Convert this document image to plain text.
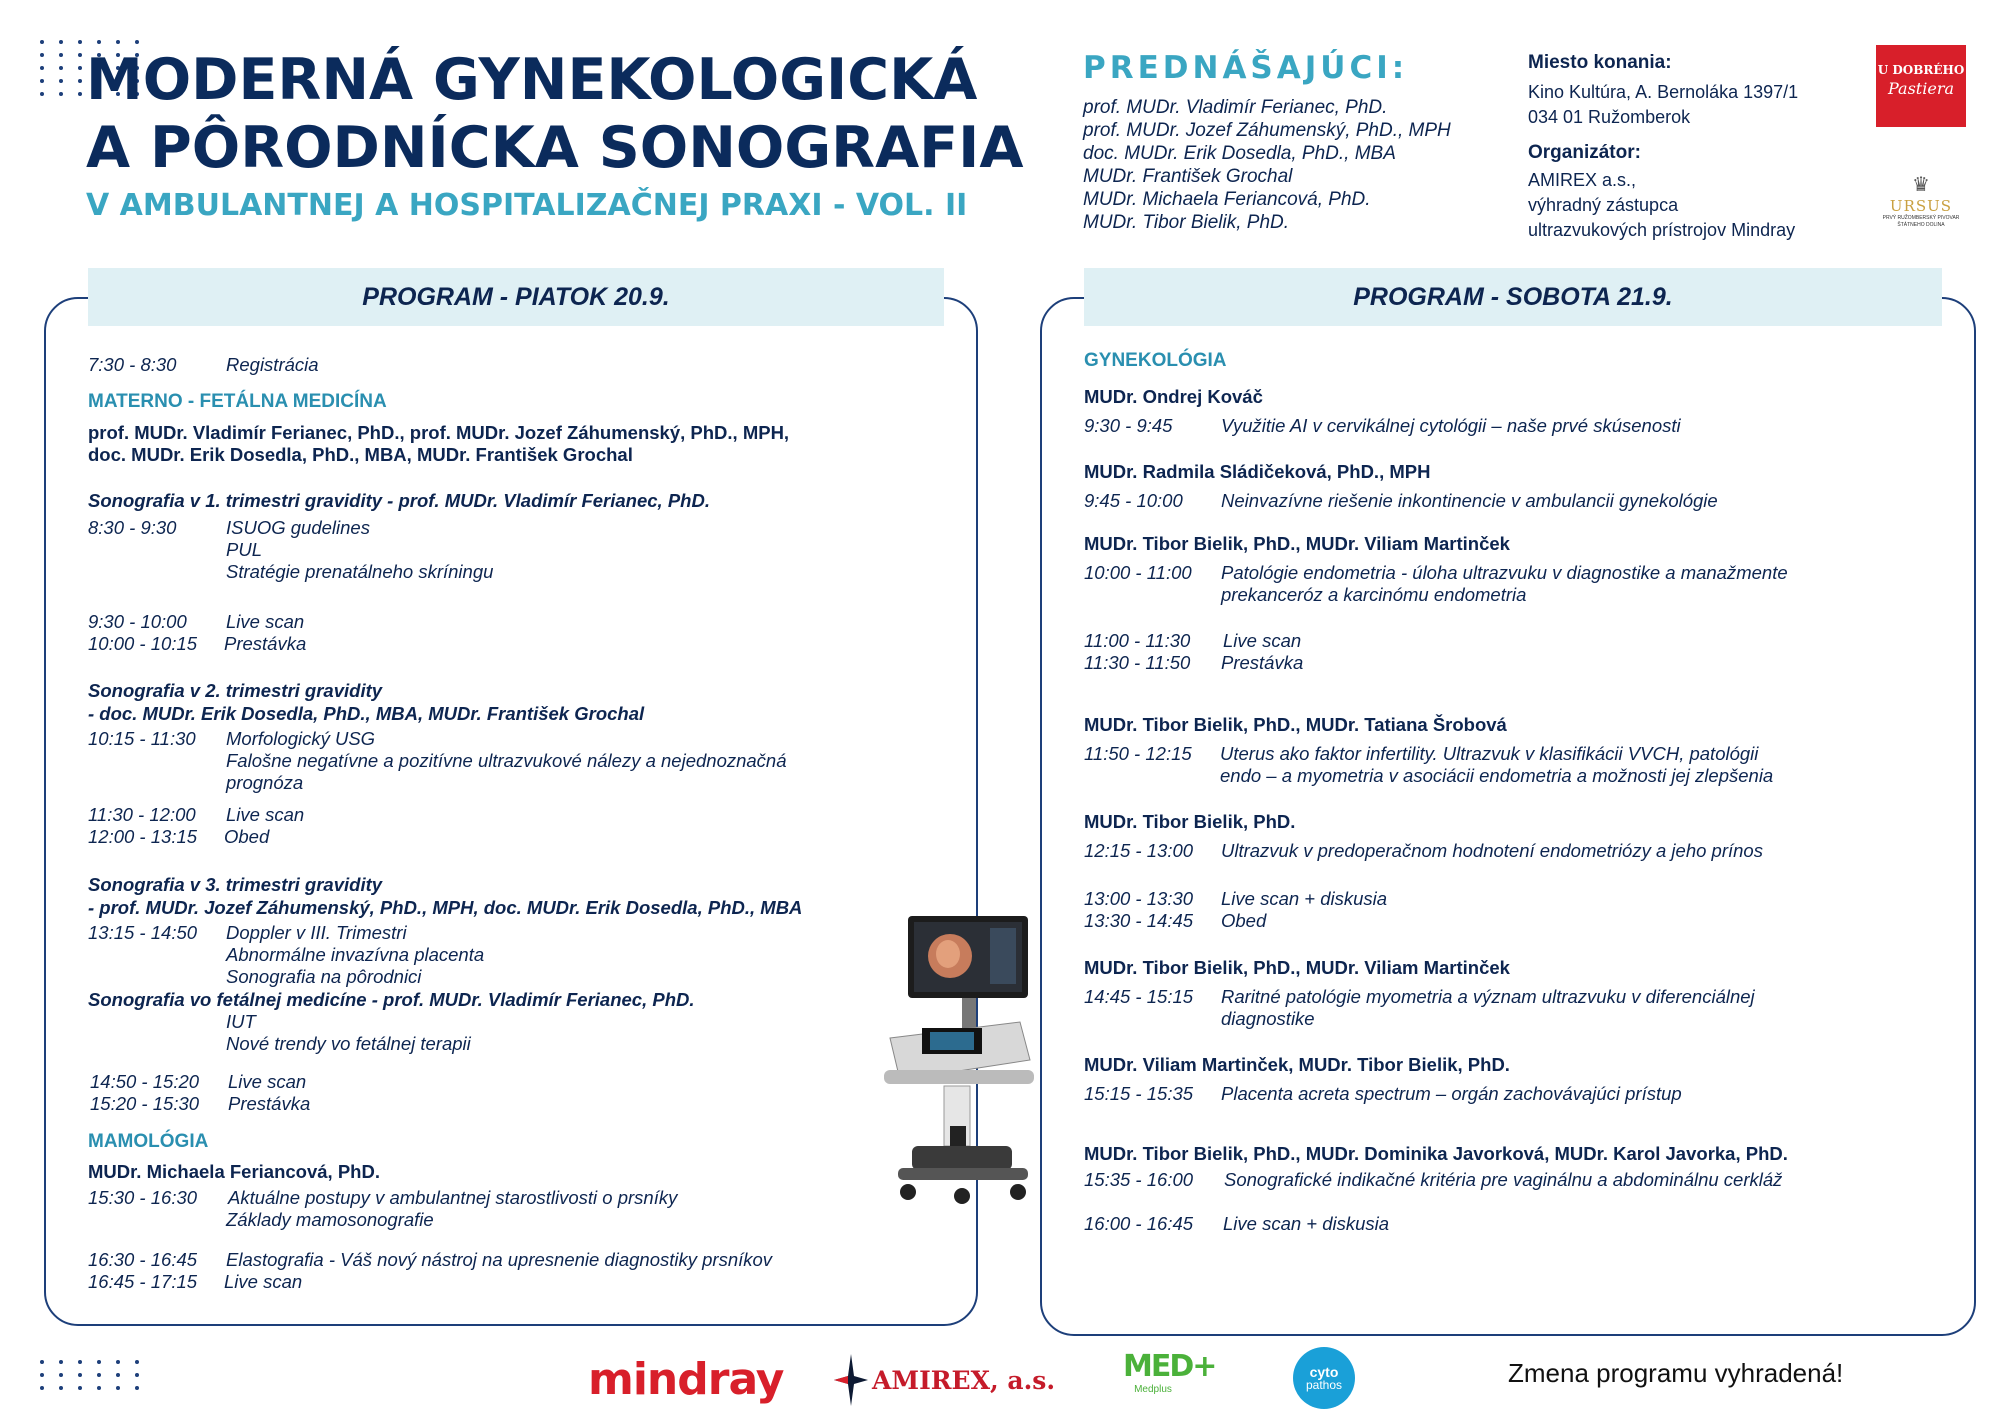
MODERNÁ GYNEKOLOGICKÁ
A PÔRODNÍCKA SONOGRAFIA
V AMBULANTNEJ A HOSPITALIZAČNEJ PRAXI - VOL. II
PREDNÁŠAJÚCI:
prof. MUDr. Vladimír Ferianec, PhD.
prof. MUDr. Jozef Záhumenský, PhD., MPH
doc. MUDr. Erik Dosedla, PhD., MBA
MUDr. František Grochal
MUDr. Michaela Feriancová, PhD.
MUDr. Tibor Bielik, PhD.
Miesto konania:
Kino Kultúra, A. Bernoláka 1397/1
034 01 Ružomberok
Organizátor:
AMIREX a.s.,
výhradný zástupca
ultrazvukových prístrojov Mindray
U DOBRÉHO
Pastiera
♛
URSUS
PRVÝ RUŽOMBERSKÝ PIVOVAR ŠTÁTNEHO DOLINA
PROGRAM - PIATOK 20.9.
7:30 - 8:30	Registrácia
MATERNO - FETÁLNA MEDICÍNA
prof. MUDr. Vladimír Ferianec, PhD., prof. MUDr. Jozef Záhumenský, PhD., MPH,
doc. MUDr. Erik Dosedla, PhD., MBA, MUDr. František Grochal
Sonografia v 1. trimestri gravidity - prof. MUDr. Vladimír Ferianec, PhD.
8:30 - 9:30	ISUOG gudelines
PUL
Stratégie prenatálneho skríningu
9:30 - 10:00	Live scan
10:00 - 10:15	Prestávka
Sonografia v 2. trimestri gravidity
- doc. MUDr. Erik Dosedla, PhD., MBA, MUDr. František Grochal
10:15 - 11:30	Morfologický USG
Falošne negatívne a pozitívne ultrazvukové nálezy a nejednoznačná
prognóza
11:30 - 12:00	Live scan
12:00 - 13:15	Obed
Sonografia v 3. trimestri gravidity
- prof. MUDr. Jozef Záhumenský, PhD., MPH, doc. MUDr. Erik Dosedla, PhD., MBA
13:15 - 14:50	Doppler v III. Trimestri
Abnormálne invazívna placenta
Sonografia na pôrodnici
Sonografia vo fetálnej medicíne - prof. MUDr. Vladimír Ferianec, PhD.
IUT
Nové trendy vo fetálnej terapii
14:50 - 15:20	Live scan
15:20 - 15:30	Prestávka
MAMOLÓGIA
MUDr. Michaela Feriancová, PhD.
15:30 - 16:30	Aktuálne postupy v ambulantnej starostlivosti o prsníky
Základy mamosonografie
16:30 - 16:45	Elastografia - Váš nový nástroj na upresnenie diagnostiky prsníkov
16:45 - 17:15	Live scan
PROGRAM - SOBOTA 21.9.
GYNEKOLÓGIA
MUDr. Ondrej Kováč
9:30 - 9:45	Využitie AI v cervikálnej cytológii – naše prvé skúsenosti
MUDr. Radmila Sládičeková, PhD., MPH
9:45 - 10:00	Neinvazívne riešenie inkontinencie v ambulancii gynekológie
MUDr. Tibor Bielik, PhD., MUDr. Viliam Martinček
10:00 - 11:00	Patológie endometria - úloha ultrazvuku v diagnostike a manažmente
prekanceróz a karcinómu endometria
11:00 - 11:30	Live scan
11:30 - 11:50	Prestávka
MUDr. Tibor Bielik, PhD., MUDr. Tatiana Šrobová
11:50 - 12:15	Uterus ako faktor infertility. Ultrazvuk v klasifikácii VVCH, patológii
endo – a myometria v asociácii endometria a možnosti jej zlepšenia
MUDr. Tibor Bielik, PhD.
12:15 - 13:00	Ultrazvuk v predoperačnom hodnotení endometriózy a jeho prínos
13:00 - 13:30	Live scan + diskusia
13:30 - 14:45	Obed
MUDr. Tibor Bielik, PhD., MUDr. Viliam Martinček
14:45 - 15:15	Raritné patológie myometria a význam ultrazvuku v diferenciálnej
diagnostike
MUDr. Viliam Martinček, MUDr. Tibor Bielik, PhD.
15:15 - 15:35	Placenta acreta spectrum – orgán zachovávajúci prístup
MUDr. Tibor Bielik, PhD., MUDr. Dominika Javorková, MUDr. Karol Javorka, PhD.
15:35 - 16:00	Sonografické indikačné kritéria pre vaginálnu a abdominálnu cerkláž
16:00 - 16:45	Live scan + diskusia
mindray	AMIREX, a.s. MED+
Medplus
cyto
pathos	Zmena programu vyhradená!
